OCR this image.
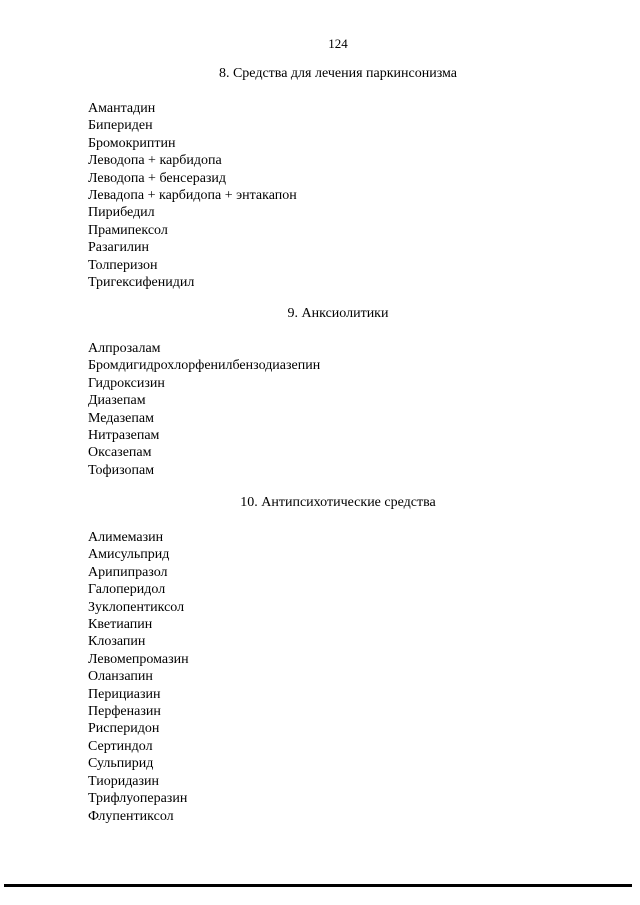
124
8. Средства для лечения паркинсонизма
Амантадин
Бипериден
Бромокриптин
Леводопа + карбидопа
Леводопа + бенсеразид
Левадопа + карбидопа + энтакапон
Пирибедил
Прамипексол
Разагилин
Толперизон
Тригексифенидил
9. Анксиолитики
Алпрозалам
Бромдигидрохлорфенилбензодиазепин
Гидроксизин
Диазепам
Медазепам
Нитразепам
Оксазепам
Тофизопам
10. Антипсихотические средства
Алимемазин
Амисульприд
Арипипразол
Галоперидол
Зуклопентиксол
Кветиапин
Клозапин
Левомепромазин
Оланзапин
Перициазин
Перфеназин
Рисперидон
Сертиндол
Сульпирид
Тиоридазин
Трифлуоперазин
Флупентиксол
